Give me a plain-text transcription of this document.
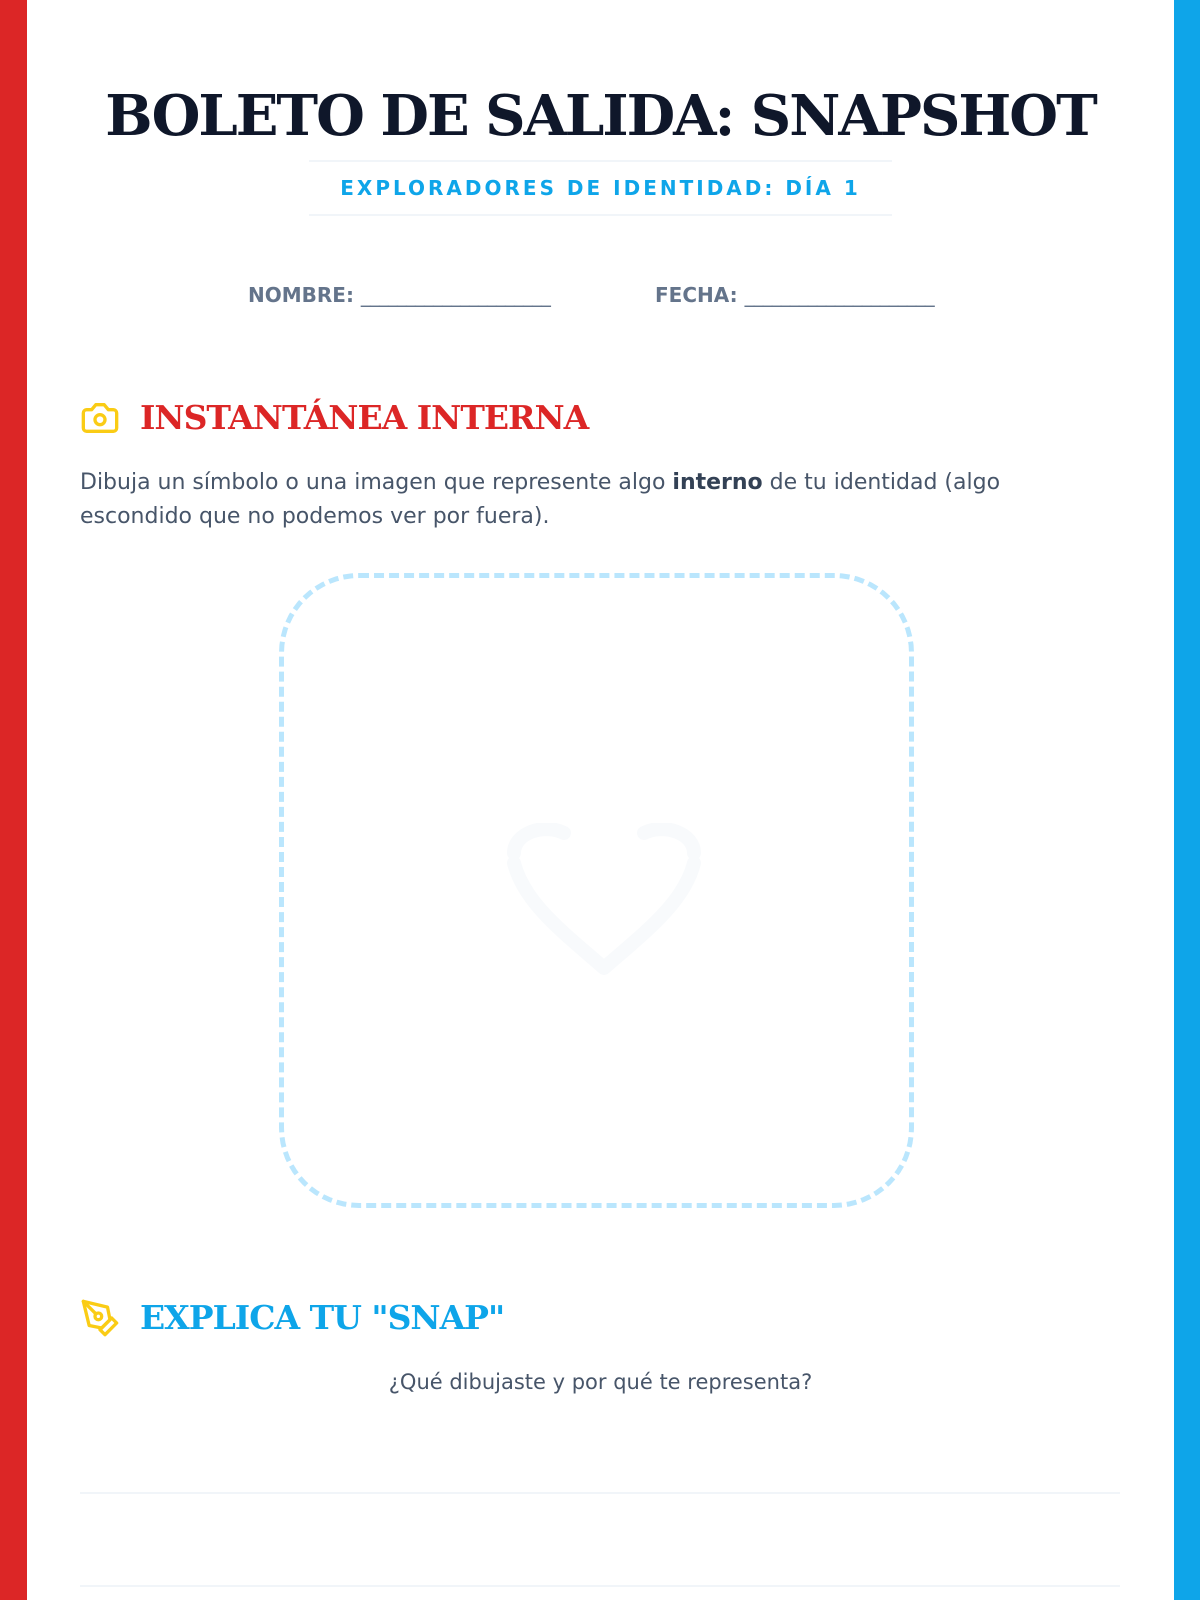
BOLETO DE SALIDA: SNAPSHOT
EXPLORADORES DE IDENTIDAD: DÍA 1
NOMBRE: _____________________	FECHA: _____________________
INSTANTÁNEA INTERNA

Dibuja un símbolo o una imagen que represente algo interno de tu identidad (algo escondido que no podemos ver por fuera).

EXPLICA TU "SNAP"
¿Qué dibujaste y por qué te representa?
